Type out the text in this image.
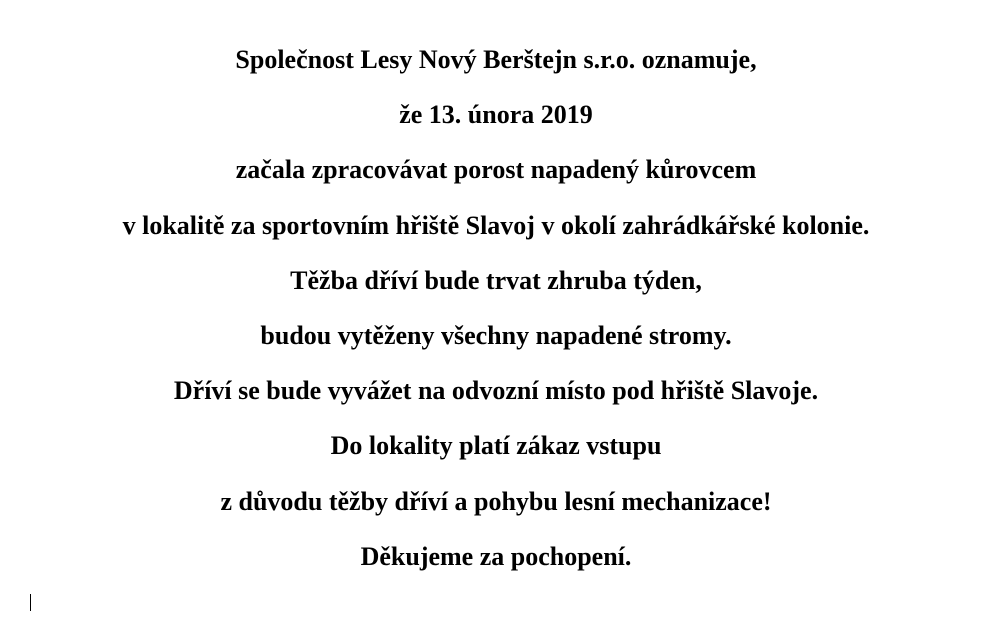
Společnost Lesy Nový Berštejn s.r.o. oznamuje,
že 13. února 2019
začala zpracovávat porost napadený kůrovcem
v lokalitě za sportovním hřiště Slavoj v okolí zahrádkářské kolonie.
Těžba dříví bude trvat zhruba týden,
budou vytěženy všechny napadené stromy.
Dříví se bude vyvážet na odvozní místo pod hřiště Slavoje.
Do lokality platí zákaz vstupu
z důvodu těžby dříví a pohybu lesní mechanizace!
Děkujeme za pochopení.
